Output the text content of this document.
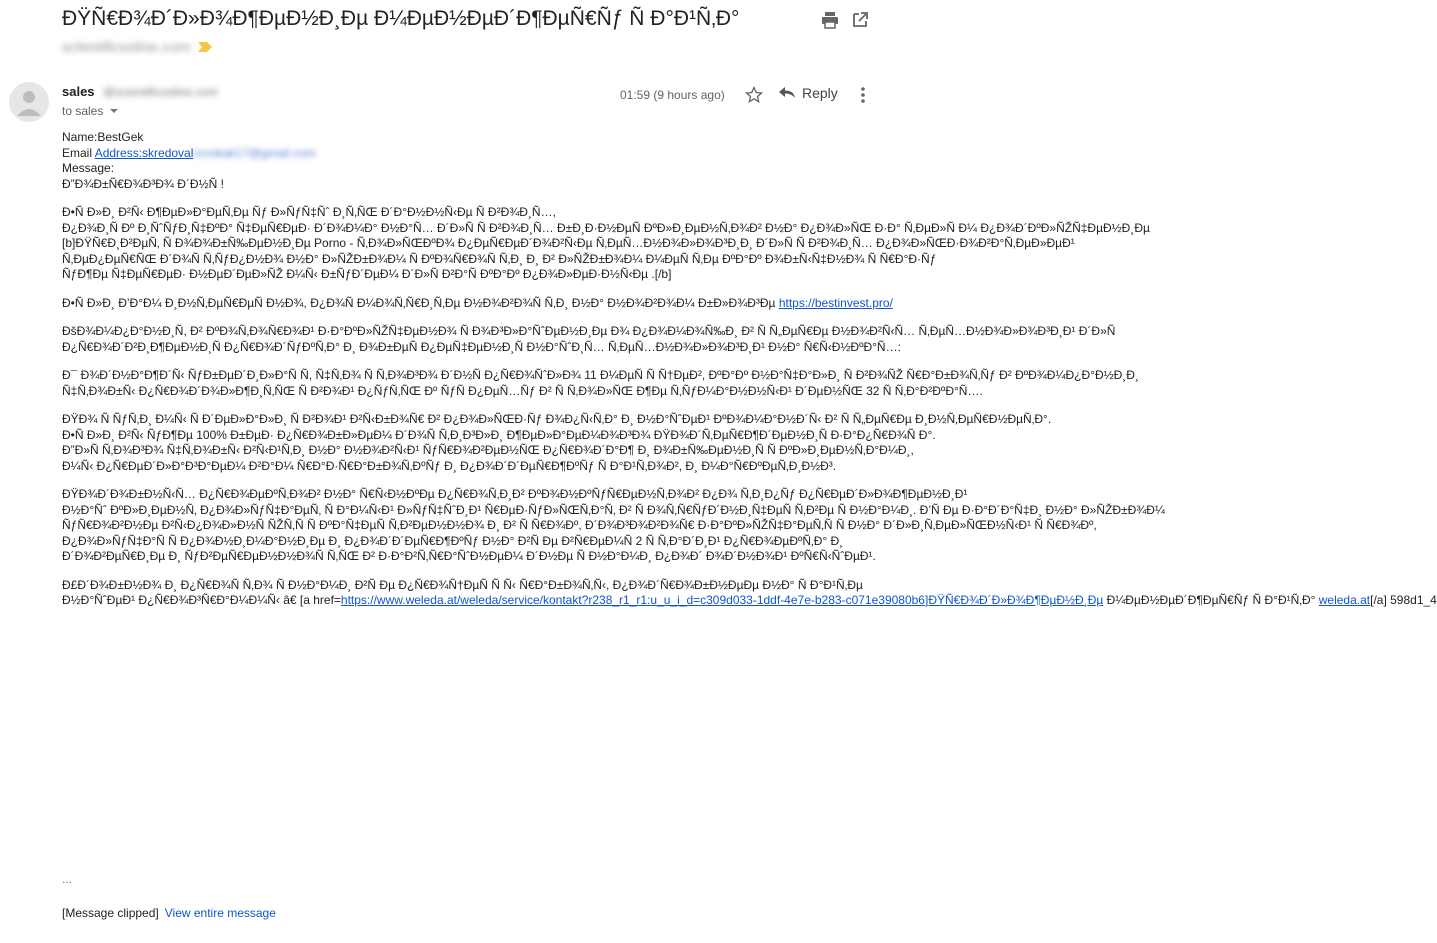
ÐŸÑ€Ð¾Ð´Ð»Ð¾Ð¶ÐµÐ½Ð¸Ðµ Ð¼ÐµÐ½ÐµÐ´Ð¶ÐµÑ€Ñƒ Ñ Ð°Ð¹Ñ‚Ð°
sclentificssline.com
sales @scientificssline.com
to sales
01:59 (9 hours ago)	Reply
Name:BestGek
Email Address:skredovalncrokak17@gmail.com
Message:
Ð”Ð¾Ð±Ñ€Ð¾Ð³Ð¾ Ð´Ð½Ñ !
Ð•Ñ Ð»Ð¸ Ð²Ñ‹ Ð¶ÐµÐ»Ð°ÐµÑ‚Ðµ Ñƒ Ð»ÑƒÑ‡Ñˆ Ð¸Ñ‚ÑŒ Ð´Ð°Ð½Ð½Ñ‹Ðµ Ñ Ð²Ð¾Ð¸Ñ…,
Ð¿Ð¾Ð¸Ñ Ðº Ð¸ÑˆÑƒÐ¸Ñ‡ÐºÐ° Ñ‡ÐµÑ€ÐµÐ· Ð´Ð¾Ð¼Ð° Ð½Ð°Ñ… Ð´Ð»Ñ Ñ Ð²Ð¾Ð¸Ñ… Ð±Ð¸Ð·Ð½ÐµÑ ÐºÐ»Ð¸ÐµÐ½Ñ‚Ð¾Ð² Ð½Ð° Ð¿Ð¾Ð»ÑŒ Ð·Ð° Ñ‚ÐµÐ»Ñ Ð¼ Ð¿Ð¾Ð´ÐºÐ»ÑŽÑ‡ÐµÐ½Ð¸Ðµ
[b]ÐŸÑ€Ð¸Ð²ÐµÑ‚ Ñ Ð¾Ð¾Ð±Ñ‰ÐµÐ½Ð¸Ðµ Porno - Ñ‚Ð¾Ð»ÑŒÐºÐ¾ Ð¿ÐµÑ€ÐµÐ´Ð¾Ð²Ñ‹Ðµ Ñ‚ÐµÑ…Ð½Ð¾Ð»Ð¾Ð³Ð¸Ð¸ Ð´Ð»Ñ Ñ Ð²Ð¾Ð¸Ñ… Ð¿Ð¾Ð»ÑŒÐ·Ð¾Ð²Ð°Ñ‚ÐµÐ»ÐµÐ¹
Ñ‚ÐµÐ¿ÐµÑ€ÑŒ Ð´Ð¾Ñ Ñ‚ÑƒÐ¿Ð½Ð¾ Ð½Ð° Ð»ÑŽÐ±Ð¾Ð¼ Ñ ÐºÐ¾Ñ€Ð¾Ñ Ñ‚Ð¸ Ð¸ Ð² Ð»ÑŽÐ±Ð¾Ð¼ Ð¼ÐµÑ Ñ‚Ðµ ÐºÐ°Ðº Ð¾Ð±Ñ‹Ñ‡Ð½Ð¾ Ñ Ñ€Ð°Ð·Ñƒ
ÑƒÐ¶Ðµ Ñ‡ÐµÑ€ÐµÐ· Ð½ÐµÐ´ÐµÐ»ÑŽ Ð¼Ñ‹ Ð±ÑƒÐ´ÐµÐ¼ Ð´Ð»Ñ Ð²Ð°Ñ ÐºÐ°Ðº Ð¿Ð¾Ð»ÐµÐ·Ð½Ñ‹Ðµ .[/b]
Ð•Ñ Ð»Ð¸ Ð’Ð°Ð¼ Ð¸Ð½Ñ‚ÐµÑ€ÐµÑ Ð½Ð¾, Ð¿Ð¾Ñ Ð¼Ð¾Ñ‚Ñ€Ð¸Ñ‚Ðµ Ð½Ð¾Ð²Ð¾Ñ Ñ‚Ð¸ Ð½Ð° Ð½Ð¾Ð²Ð¾Ð¼ Ð±Ð»Ð¾Ð³Ðµ https://bestinvest.pro/
ÐšÐ¾Ð¼Ð¿Ð°Ð½Ð¸Ñ, Ð² ÐºÐ¾Ñ‚Ð¾Ñ€Ð¾Ð¹ Ð·Ð°ÐºÐ»ÑŽÑ‡ÐµÐ½Ð¾ Ñ Ð¾Ð³Ð»Ð°ÑˆÐµÐ½Ð¸Ðµ Ð¾ Ð¿Ð¾Ð¼Ð¾Ñ‰Ð¸ Ð² Ñ Ñ„ÐµÑ€Ðµ Ð½Ð¾Ð²Ñ‹Ñ… Ñ‚ÐµÑ…Ð½Ð¾Ð»Ð¾Ð³Ð¸Ð¹ Ð´Ð»Ñ
Ð¿Ñ€Ð¾Ð´Ð²Ð¸Ð¶ÐµÐ½Ð¸Ñ Ð¿Ñ€Ð¾Ð´ÑƒÐºÑ‚Ð° Ð¸ Ð¾Ð±ÐµÑ Ð¿ÐµÑ‡ÐµÐ½Ð¸Ñ Ð½Ð°ÑˆÐ¸Ñ… Ñ‚ÐµÑ…Ð½Ð¾Ð»Ð¾Ð³Ð¸Ð¹ Ð½Ð° Ñ€Ñ‹Ð½ÐºÐ°Ñ…:
Ð¯ Ð¾Ð´Ð½Ð°Ð¶Ð´Ñ‹ ÑƒÐ±ÐµÐ´Ð¸Ð»Ð°Ñ Ñ, Ñ‡Ñ‚Ð¾ Ñ Ñ‚Ð¾Ð³Ð¾ Ð´Ð½Ñ Ð¿Ñ€Ð¾ÑˆÐ»Ð¾ 11 Ð¼ÐµÑ Ñ Ñ†ÐµÐ², ÐºÐ°Ðº Ð½Ð°Ñ‡Ð°Ð»Ð¸ Ñ Ð²Ð¾ÑŽ Ñ€Ð°Ð±Ð¾Ñ‚Ñƒ Ð² ÐºÐ¾Ð¼Ð¿Ð°Ð½Ð¸Ð¸
Ñ‡Ñ‚Ð¾Ð±Ñ‹ Ð¿Ñ€Ð¾Ð´Ð¾Ð»Ð¶Ð¸Ñ‚ÑŒ Ñ Ð²Ð¾Ð¹ Ð¿ÑƒÑ‚ÑŒ Ðº ÑƒÑ Ð¿ÐµÑ…Ñƒ Ð² Ñ Ñ‚Ð¾Ð»ÑŒ Ð¶Ðµ Ñ‚ÑƒÐ¼Ð°Ð½Ð½Ñ‹Ð¹ Ð´ÐµÐ½ÑŒ 32 Ñ Ñ‚Ð°Ð²ÐºÐ°Ñ….
ÐŸÐ¾ Ñ ÑƒÑ‚Ð¸ Ð¼Ñ‹ Ñ Ð´ÐµÐ»Ð°Ð»Ð¸ Ñ Ð²Ð¾Ð¹ Ð²Ñ‹Ð±Ð¾Ñ€ Ð² Ð¿Ð¾Ð»ÑŒÐ·Ñƒ Ð¾Ð¿Ñ‹Ñ‚Ð° Ð¸ Ð½Ð°ÑˆÐµÐ¹ ÐºÐ¾Ð¼Ð°Ð½Ð´Ñ‹ Ð² Ñ Ñ„ÐµÑ€Ðµ Ð¸Ð½Ñ‚ÐµÑ€Ð½ÐµÑ‚Ð°.
Ð•Ñ Ð»Ð¸ Ð²Ñ‹ ÑƒÐ¶Ðµ 100% Ð±ÐµÐ· Ð¿Ñ€Ð¾Ð±Ð»ÐµÐ¼ Ð´Ð¾Ñ Ñ‚Ð¸Ð³Ð»Ð¸ Ð¶ÐµÐ»Ð°ÐµÐ¼Ð¾Ð³Ð¾ ÐŸÐ¾Ð´Ñ‚ÐµÑ€Ð¶Ð´ÐµÐ½Ð¸Ñ Ð·Ð°Ð¿Ñ€Ð¾Ñ Ð°.
Ð”Ð»Ñ Ñ‚Ð¾Ð³Ð¾ Ñ‡Ñ‚Ð¾Ð±Ñ‹ Ð²Ñ‹Ð¹Ñ‚Ð¸ Ð½Ð° Ð½Ð¾Ð²Ñ‹Ð¹ ÑƒÑ€Ð¾Ð²ÐµÐ½ÑŒ Ð¿Ñ€Ð¾Ð´Ð°Ð¶ Ð¸ Ð¾Ð±Ñ‰ÐµÐ½Ð¸Ñ Ñ ÐºÐ»Ð¸ÐµÐ½Ñ‚Ð°Ð¼Ð¸,
Ð¼Ñ‹ Ð¿Ñ€ÐµÐ´Ð»Ð°Ð³Ð°ÐµÐ¼ Ð²Ð°Ð¼ Ñ€Ð°Ð·Ñ€Ð°Ð±Ð¾Ñ‚ÐºÑƒ Ð¸ Ð¿Ð¾Ð´Ð´ÐµÑ€Ð¶ÐºÑƒ Ñ Ð°Ð¹Ñ‚Ð¾Ð², Ð¸ Ð¼Ð°Ñ€ÐºÐµÑ‚Ð¸Ð½Ð³.
ÐŸÐ¾Ð´Ð¾Ð±Ð½Ñ‹Ñ… Ð¿Ñ€Ð¾ÐµÐºÑ‚Ð¾Ð² Ð½Ð° Ñ€Ñ‹Ð½ÐºÐµ Ð¿Ñ€Ð¾Ñ‚Ð¸Ð² ÐºÐ¾Ð½ÐºÑƒÑ€ÐµÐ½Ñ‚Ð¾Ð² Ð¿Ð¾ Ñ‚Ð¸Ð¿Ñƒ Ð¿Ñ€ÐµÐ´Ð»Ð¾Ð¶ÐµÐ½Ð¸Ð¹
Ð½Ð°Ñˆ ÐºÐ»Ð¸ÐµÐ½Ñ‚ Ð¿Ð¾Ð»ÑƒÑ‡Ð°ÐµÑ‚ Ñ Ð°Ð¼Ñ‹Ð¹ Ð»ÑƒÑ‡ÑˆÐ¸Ð¹ Ñ€ÐµÐ·ÑƒÐ»ÑŒÑ‚Ð°Ñ‚ Ð² Ñ Ð¾Ñ‚Ñ€ÑƒÐ´Ð½Ð¸Ñ‡ÐµÑ Ñ‚Ð²Ðµ Ñ Ð½Ð°Ð¼Ð¸. Ð’Ñ Ðµ Ð·Ð°Ð´Ð°Ñ‡Ð¸ Ð½Ð° Ð»ÑŽÐ±Ð¾Ð¼
ÑƒÑ€Ð¾Ð²Ð½Ðµ Ð²Ñ‹Ð¿Ð¾Ð»Ð½Ñ ÑŽÑ‚Ñ Ñ ÐºÐ°Ñ‡ÐµÑ Ñ‚Ð²ÐµÐ½Ð½Ð¾ Ð¸ Ð² Ñ Ñ€Ð¾Ðº, Ð´Ð¾Ð³Ð¾Ð²Ð¾Ñ€ Ð·Ð°ÐºÐ»ÑŽÑ‡Ð°ÐµÑ‚Ñ Ñ Ð½Ð° Ð´Ð»Ð¸Ñ‚ÐµÐ»ÑŒÐ½Ñ‹Ð¹ Ñ Ñ€Ð¾Ðº,
Ð¿Ð¾Ð»ÑƒÑ‡Ð°Ñ Ñ Ð¿Ð¾Ð½Ð¸Ð¼Ð°Ð½Ð¸Ðµ Ð¸ Ð¿Ð¾Ð´Ð´ÐµÑ€Ð¶ÐºÑƒ Ð½Ð° Ð²Ñ Ðµ Ð²Ñ€ÐµÐ¼Ñ 2 Ñ Ñ‚Ð°Ð´Ð¸Ð¹ Ð¿Ñ€Ð¾ÐµÐºÑ‚Ð° Ð¸
Ð´Ð¾Ð²ÐµÑ€Ð¸Ðµ Ð¸ ÑƒÐ²ÐµÑ€ÐµÐ½Ð½Ð¾Ñ Ñ‚ÑŒ Ð² Ð·Ð°Ð²Ñ‚Ñ€Ð°ÑˆÐ½ÐµÐ¼ Ð´Ð½Ðµ Ñ Ð½Ð°Ð¼Ð¸ Ð¿Ð¾Ð´ Ð¾Ð´Ð½Ð¾Ð¹ ÐºÑ€Ñ‹ÑˆÐµÐ¹.
Ð£Ð´Ð¾Ð±Ð½Ð¾ Ð¸ Ð¿Ñ€Ð¾Ñ Ñ‚Ð¾ Ñ Ð½Ð°Ð¼Ð¸ Ð²Ñ Ðµ Ð¿Ñ€Ð¾Ñ†ÐµÑ Ñ Ñ‹ Ñ€Ð°Ð±Ð¾Ñ‚Ñ‹, Ð¿Ð¾Ð´Ñ€Ð¾Ð±Ð½ÐµÐµ Ð½Ð° Ñ Ð°Ð¹Ñ‚Ðµ
Ð½Ð°ÑˆÐµÐ¹ Ð¿Ñ€Ð¾Ð³Ñ€Ð°Ð¼Ð¼Ñ‹ â€ [a href=https://www.weleda.at/weleda/service/kontakt?r238_r1_r1:u_u_i_d=c309d033-1ddf-4e7e-b283-c071e39080b6]ÐŸÑ€Ð¾Ð´Ð»Ð¾Ð¶ÐµÐ½Ð¸Ðµ Ð¼ÐµÐ½ÐµÐ´Ð¶ÐµÑ€Ñƒ Ñ Ð°Ð¹Ñ‚Ð° weleda.at[/a] 598d1_4
...
[Message clipped] View entire message
